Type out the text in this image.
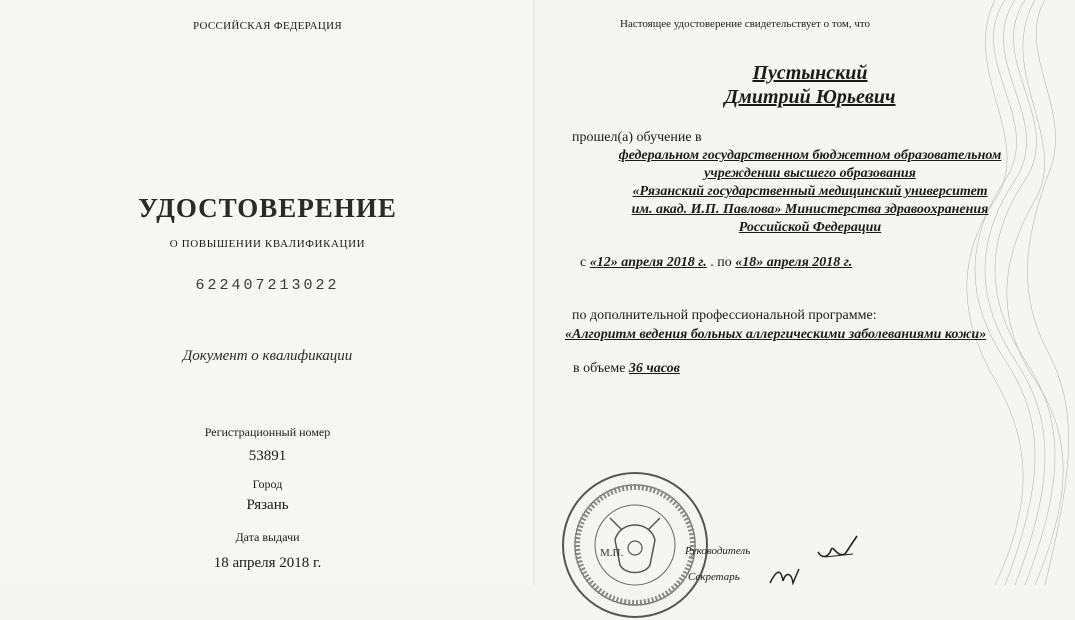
РОССИЙСКАЯ ФЕДЕРАЦИЯ
УДОСТОВЕРЕНИЕ
О ПОВЫШЕНИИ КВАЛИФИКАЦИИ
622407213022
Документ о квалификации
Регистрационный номер
53891
Город
Рязань
Дата выдачи
18 апреля 2018 г.
Настоящее удостоверение свидетельствует о том, что
Пустынский
Дмитрий Юрьевич
прошел(а) обучение в
федеральном государственном бюджетном образовательном
учреждении высшего образования
«Рязанский государственный медицинский университет
им. акад. И.П. Павлова» Министерства здравоохранения
Российской Федерации
с «12» апреля 2018 г. . по «18» апреля 2018 г.
по дополнительной профессиональной программе:
«Алгоритм ведения больных аллергическими заболеваниями кожи»
в объеме 36 часов
М.П.	Руководитель
Секретарь
